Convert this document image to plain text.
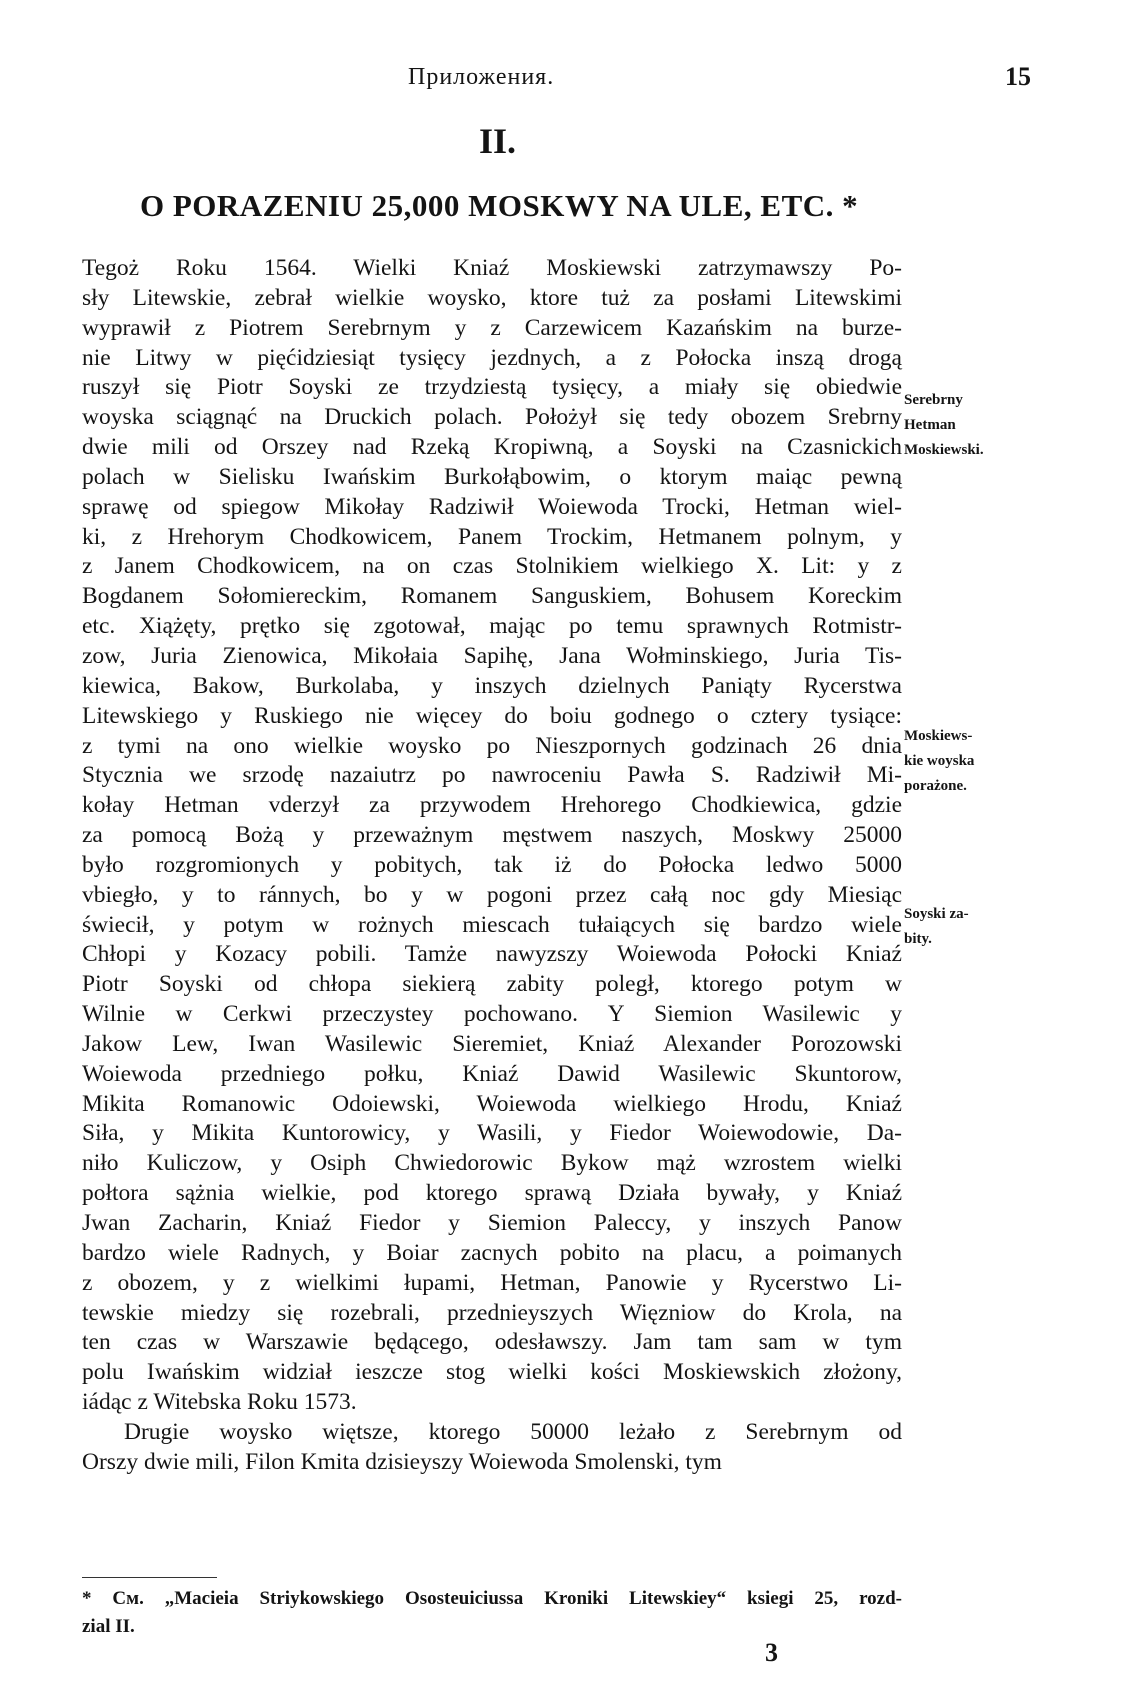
Приложения.	15
II.
O PORAZENIU 25,000 MOSKWY NA ULE, ETC. *
Tegoż Roku 1564. Wielki Kniaź Moskiewski zatrzymawszy Po-
sły Litewskie, zebrał wielkie woysko, ktore tuż za posłami Litewskimi
wyprawił z Piotrem Serebrnym y z Carzewicem Kazańskim na burze-
nie Litwy w pięćidziesiąt tysięcy jezdnych, a z Połocka inszą drogą
ruszył się Piotr Soyski ze trzydziestą tysięcy, a miały się obiedwie
woyska sciągnąć na Druckich polach. Położył się tedy obozem Srebrny
dwie mili od Orszey nad Rzeką Kropiwną, a Soyski na Czasnickich
polach w Sielisku Iwańskim Burkołąbowim, o ktorym maiąc pewną
sprawę od spiegow Mikołay Radziwił Woiewoda Trocki, Hetman wiel-
ki, z Hrehorym Chodkowicem, Panem Trockim, Hetmanem polnym, y
z Janem Chodkowicem, na on czas Stolnikiem wielkiego X. Lit: y z
Bogdanem Sołomiereckim, Romanem Sanguskiem, Bohusem Koreckim
etc. Xiążęty, prętko się zgotował, mając po temu sprawnych Rotmistr-
zow, Juria Zienowica, Mikołaia Sapihę, Jana Wołminskiego, Juria Tis-
kiewica, Bakow, Burkolaba, y inszych dzielnych Paniąty Rycerstwa
Litewskiego y Ruskiego nie więcey do boiu godnego o cztery tysiące:
z tymi na ono wielkie woysko po Nieszpornych godzinach 26 dnia
Stycznia we srzodę nazaiutrz po nawroceniu Pawła S. Radziwił Mi-
kołay Hetman vderzył za przywodem Hrehorego Chodkiewica, gdzie
za pomocą Bożą y przeważnym męstwem naszych, Moskwy 25000
było rozgromionych y pobitych, tak iż do Połocka ledwo 5000
vbiegło, y to ránnych, bo y w pogoni przez całą noc gdy Miesiąc
świecił, y potym w rożnych miescach tułaiących się bardzo wiele
Chłopi y Kozacy pobili. Tamże nawyzszy Woiewoda Połocki Kniaź
Piotr Soyski od chłopa siekierą zabity poległ, ktorego potym w
Wilnie w Cerkwi przeczystey pochowano. Y Siemion Wasilewic y
Jakow Lew, Iwan Wasilewic Sieremiet, Kniaź Alexander Porozowski
Woiewoda przedniego połku, Kniaź Dawid Wasilewic Skuntorow,
Mikita Romanowic Odoiewski, Woiewoda wielkiego Hrodu, Kniaź
Siła, y Mikita Kuntorowicy, y Wasili, y Fiedor Woiewodowie, Da-
niło Kuliczow, y Osiph Chwiedorowic Bykow mąż wzrostem wielki
połtora sążnia wielkie, pod ktorego sprawą Działa bywały, y Kniaź
Jwan Zacharin, Kniaź Fiedor y Siemion Paleccy, y inszych Panow
bardzo wiele Radnych, y Boiar zacnych pobito na placu, a poimanych
z obozem, y z wielkimi łupami, Hetman, Panowie y Rycerstwo Li-
tewskie miedzy się rozebrali, przednieyszych Więzniow do Krola, na
ten czas w Warszawie będącego, odesławszy. Jam tam sam w tym
polu Iwańskim widział ieszcze stog wielki kości Moskiewskich złożony,
iádąc z Witebska Roku 1573.
Drugie woysko więtsze, ktorego 50000 leżało z Serebrnym od
Orszy dwie mili, Filon Kmita dzisieyszy Woiewoda Smolenski, tym
Serebrny
Hetman
Moskiewski.
Moskiews-
kie woyska
porażone.
Soyski za-
bity.
* См. „Macieia Striykowskiego Ososteuiciussa Kroniki Litewskiey“ ksiegi 25, rozd-
zial II.
3
